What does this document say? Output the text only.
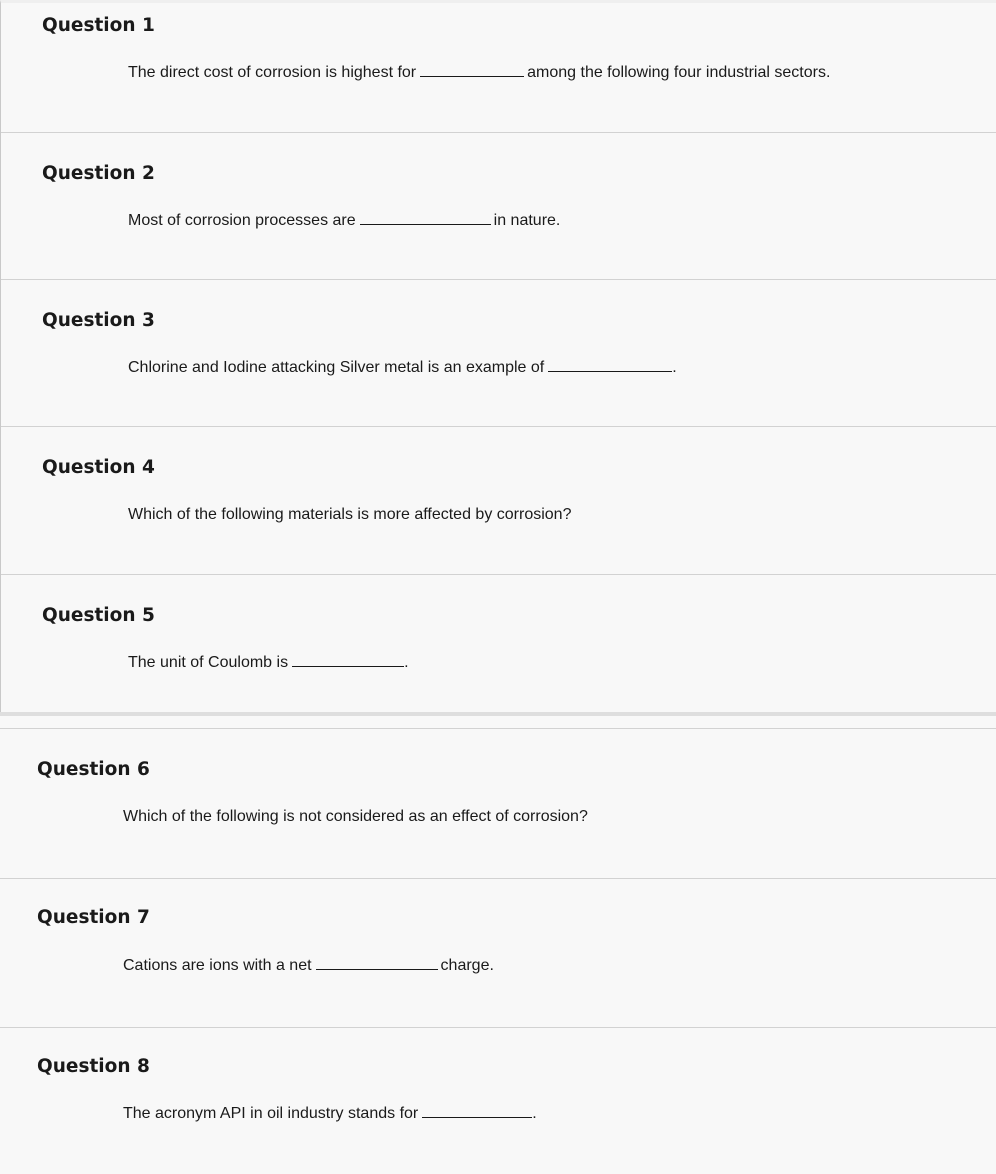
Question 1
The direct cost of corrosion is highest for	among the following four industrial sectors.
Question 2
Most of corrosion processes are	in nature.
Question 3
Chlorine and Iodine attacking Silver metal is an example of	.
Question 4
Which of the following materials is more affected by corrosion?
Question 5
The unit of Coulomb is	.
Question 6
Which of the following is not considered as an effect of corrosion?
Question 7
Cations are ions with a net	charge.
Question 8
The acronym API in oil industry stands for	.
